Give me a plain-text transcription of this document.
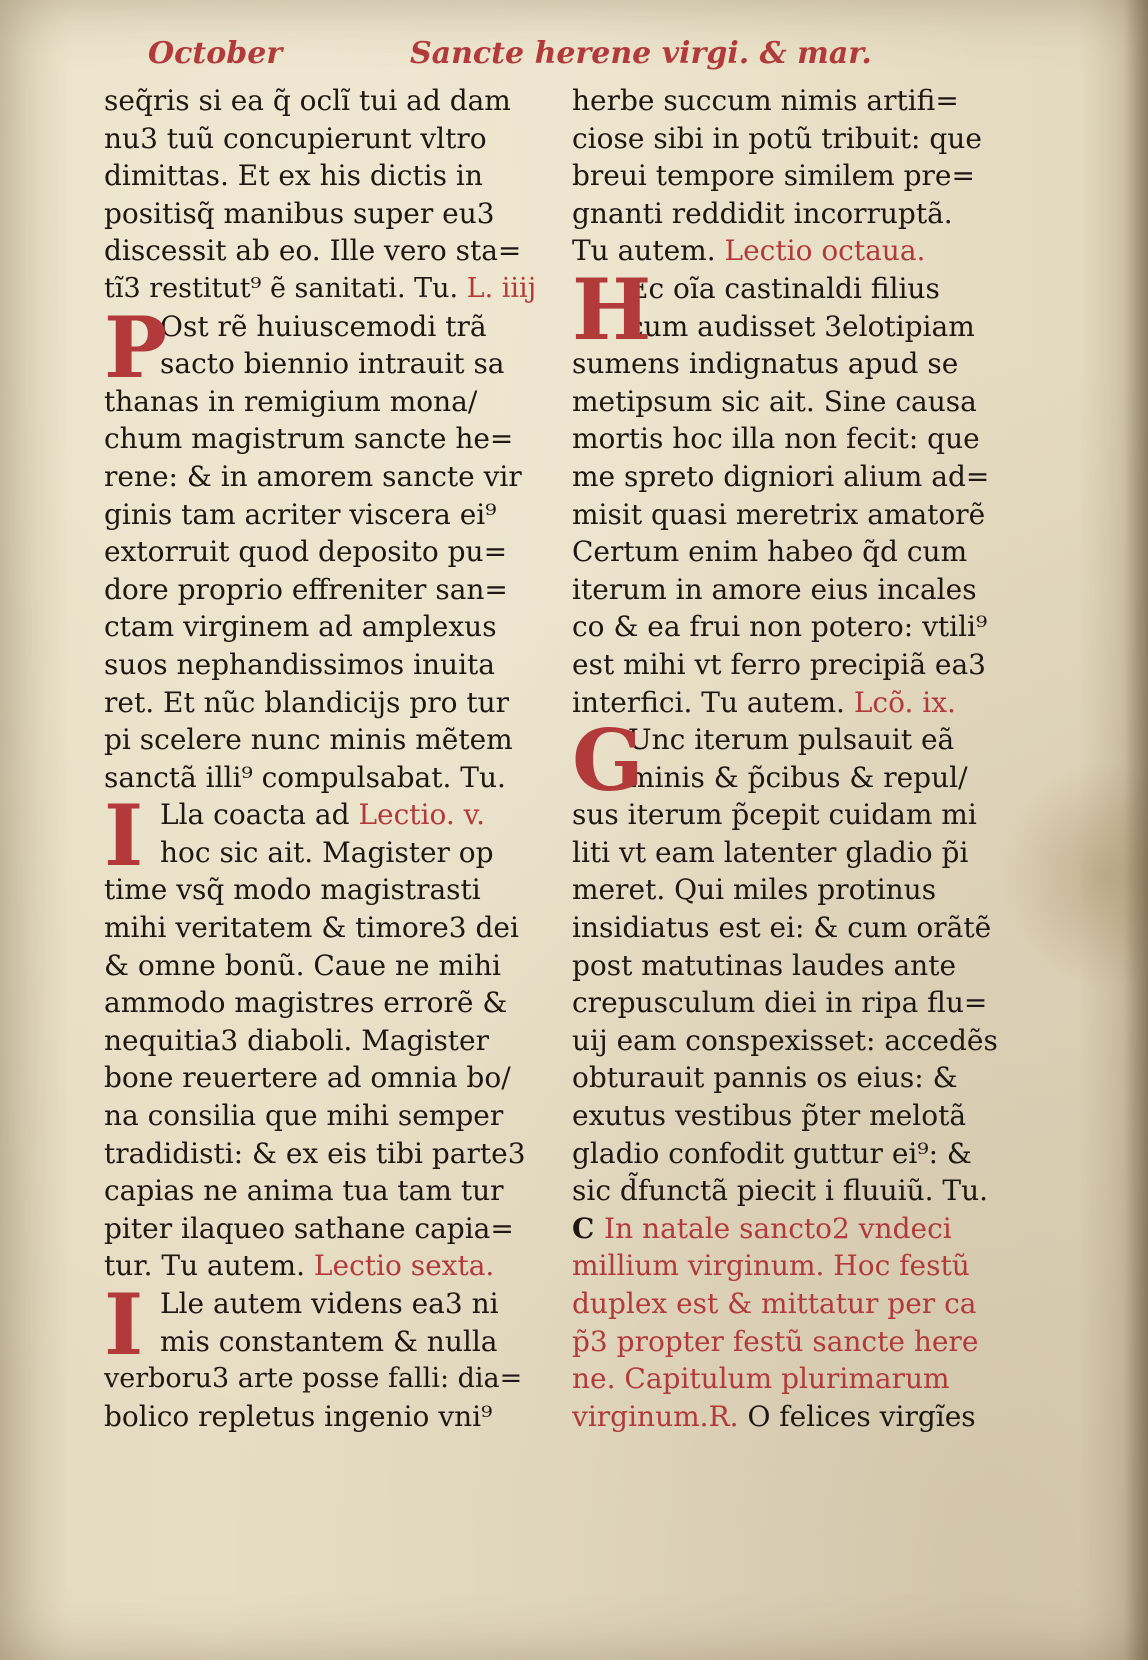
October	Sancte herene virgi. & mar.
seq̃ris si ea q̃ oclĩ tui ad dam
nu3 tuũ concupierunt vltro
dimittas. Et ex his dictis in
positisq̃ manibus super eu3
discessit ab eo. Ille vero sta=
tĩ3 restitut⁹ ẽ sanitati. Tu. L. iiij
P
Ost rẽ huiuscemodi trã
sacto biennio intrauit sa
thanas in remigium mona/
chum magistrum sancte he=
rene: & in amorem sancte vir
ginis tam acriter viscera ei⁹
extorruit quod deposito pu=
dore proprio effreniter san=
ctam virginem ad amplexus
suos nephandissimos inuita
ret. Et nũc blandicijs pro tur
pi scelere nunc minis mẽtem
sanctã illi⁹ compulsabat. Tu.
I Lla coacta ad Lectio. v.
hoc sic ait. Magister op
time vsq̃ modo magistrasti
mihi veritatem & timore3 dei
& omne bonũ. Caue ne mihi
ammodo magistres errorẽ &
nequitia3 diaboli. Magister
bone reuertere ad omnia bo/
na consilia que mihi semper
tradidisti: & ex eis tibi parte3
capias ne anima tua tam tur
piter ilaqueo sathane capia=
tur. Tu autem. Lectio sexta.
I Lle autem videns ea3 ni
mis constantem & nulla
verboru3 arte posse falli: dia=
bolico repletus ingenio vni⁹
herbe succum nimis artifi=
ciose sibi in potũ tribuit: que
breui tempore similem pre=
gnanti reddidit incorruptã.
Tu autem. Lectio octaua.
H
Ec oĩa castinaldi filius
cum audisset 3elotipiam
sumens indignatus apud se
metipsum sic ait. Sine causa
mortis hoc illa non fecit: que
me spreto digniori alium ad=
misit quasi meretrix amatorẽ
Certum enim habeo q̃d cum
iterum in amore eius incales
co & ea frui non potero: vtili⁹
est mihi vt ferro precipiã ea3
interfici. Tu autem. Lcõ. ix.
G
Unc iterum pulsauit eã
minis & p̃cibus & repul/
sus iterum p̃cepit cuidam mi
liti vt eam latenter gladio p̃i
meret. Qui miles protinus
insidiatus est ei: & cum orãtẽ
post matutinas laudes ante
crepusculum diei in ripa flu=
uij eam conspexisset: accedẽs
obturauit pannis os eius: &
exutus vestibus p̃ter melotã
gladio confodit guttur ei⁹: &
sic d̃functã piecit i fluuiũ. Tu.
C In natale sancto2 vndeci
millium virginum. Hoc festũ
duplex est & mittatur per ca
p̃3 propter festũ sancte here
ne. Capitulum plurimarum
virginum.R. O felices virgĩes
